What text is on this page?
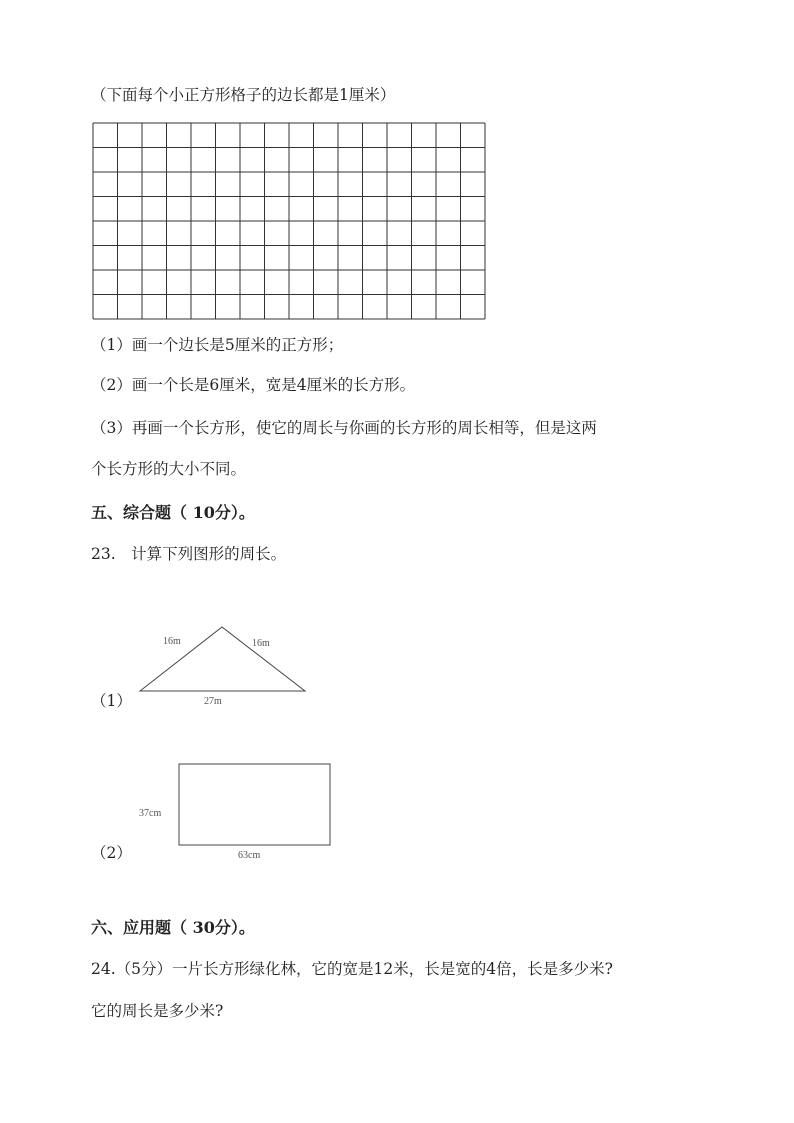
（下面每个小正方形格子的边长都是1厘米）
（1）画一个边长是5厘米的正方形；
（2）画一个长是6厘米，宽是4厘米的长方形。
（3）再画一个长方形，使它的周长与你画的长方形的周长相等，但是这两
个长方形的大小不同。
五、综合题（ 10分）。
23.　计算下列图形的周长。
（1）
16m	16m
27m
（2）
37cm
63cm
六、应用题（ 30分）。
24.（5分）一片长方形绿化林，它的宽是12米，长是宽的4倍，长是多少米?
它的周长是多少米?
